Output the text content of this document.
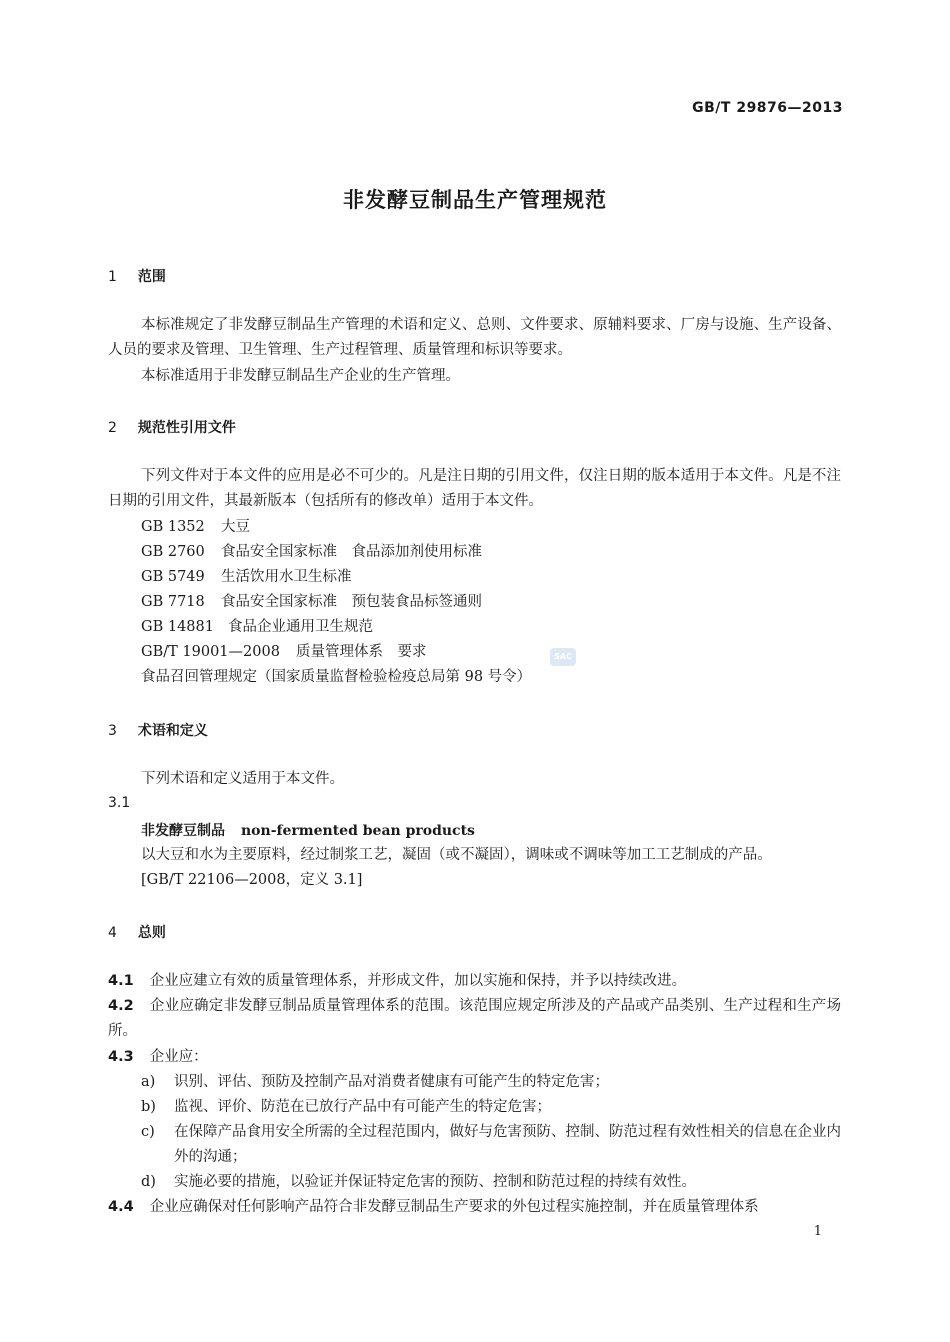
GB/T 29876—2013
非发酵豆制品生产管理规范
1 范围
本标准规定了非发酵豆制品生产管理的术语和定义、总则、文件要求、原辅料要求、厂房与设施、生产设备、人员的要求及管理、卫生管理、生产过程管理、质量管理和标识等要求。
本标准适用于非发酵豆制品生产企业的生产管理。
2 规范性引用文件
下列文件对于本文件的应用是必不可少的。凡是注日期的引用文件，仅注日期的版本适用于本文件。凡是不注日期的引用文件，其最新版本（包括所有的修改单）适用于本文件。
GB 1352 大豆
GB 2760 食品安全国家标准　食品添加剂使用标准
GB 5749 生活饮用水卫生标准
GB 7718 食品安全国家标准　预包装食品标签通则
GB 14881 食品企业通用卫生规范
GB/T 19001—2008 质量管理体系　要求
食品召回管理规定（国家质量监督检验检疫总局第 98 号令）
SAC
3 术语和定义
下列术语和定义适用于本文件。
3.1
非发酵豆制品 non-fermented bean products
以大豆和水为主要原料，经过制浆工艺，凝固（或不凝固），调味或不调味等加工工艺制成的产品。
[GB/T 22106—2008，定义 3.1]
4 总则
4.1 企业应建立有效的质量管理体系，并形成文件，加以实施和保持，并予以持续改进。
4.2 企业应确定非发酵豆制品质量管理体系的范围。该范围应规定所涉及的产品或产品类别、生产过程和生产场所。
4.3 企业应：
a) 识别、评估、预防及控制产品对消费者健康有可能产生的特定危害；
b) 监视、评价、防范在已放行产品中有可能产生的特定危害；
c)	在保障产品食用安全所需的全过程范围内，做好与危害预防、控制、防范过程有效性相关的信息在企业内外的沟通；
d) 实施必要的措施，以验证并保证特定危害的预防、控制和防范过程的持续有效性。
4.4 企业应确保对任何影响产品符合非发酵豆制品生产要求的外包过程实施控制，并在质量管理体系
1
